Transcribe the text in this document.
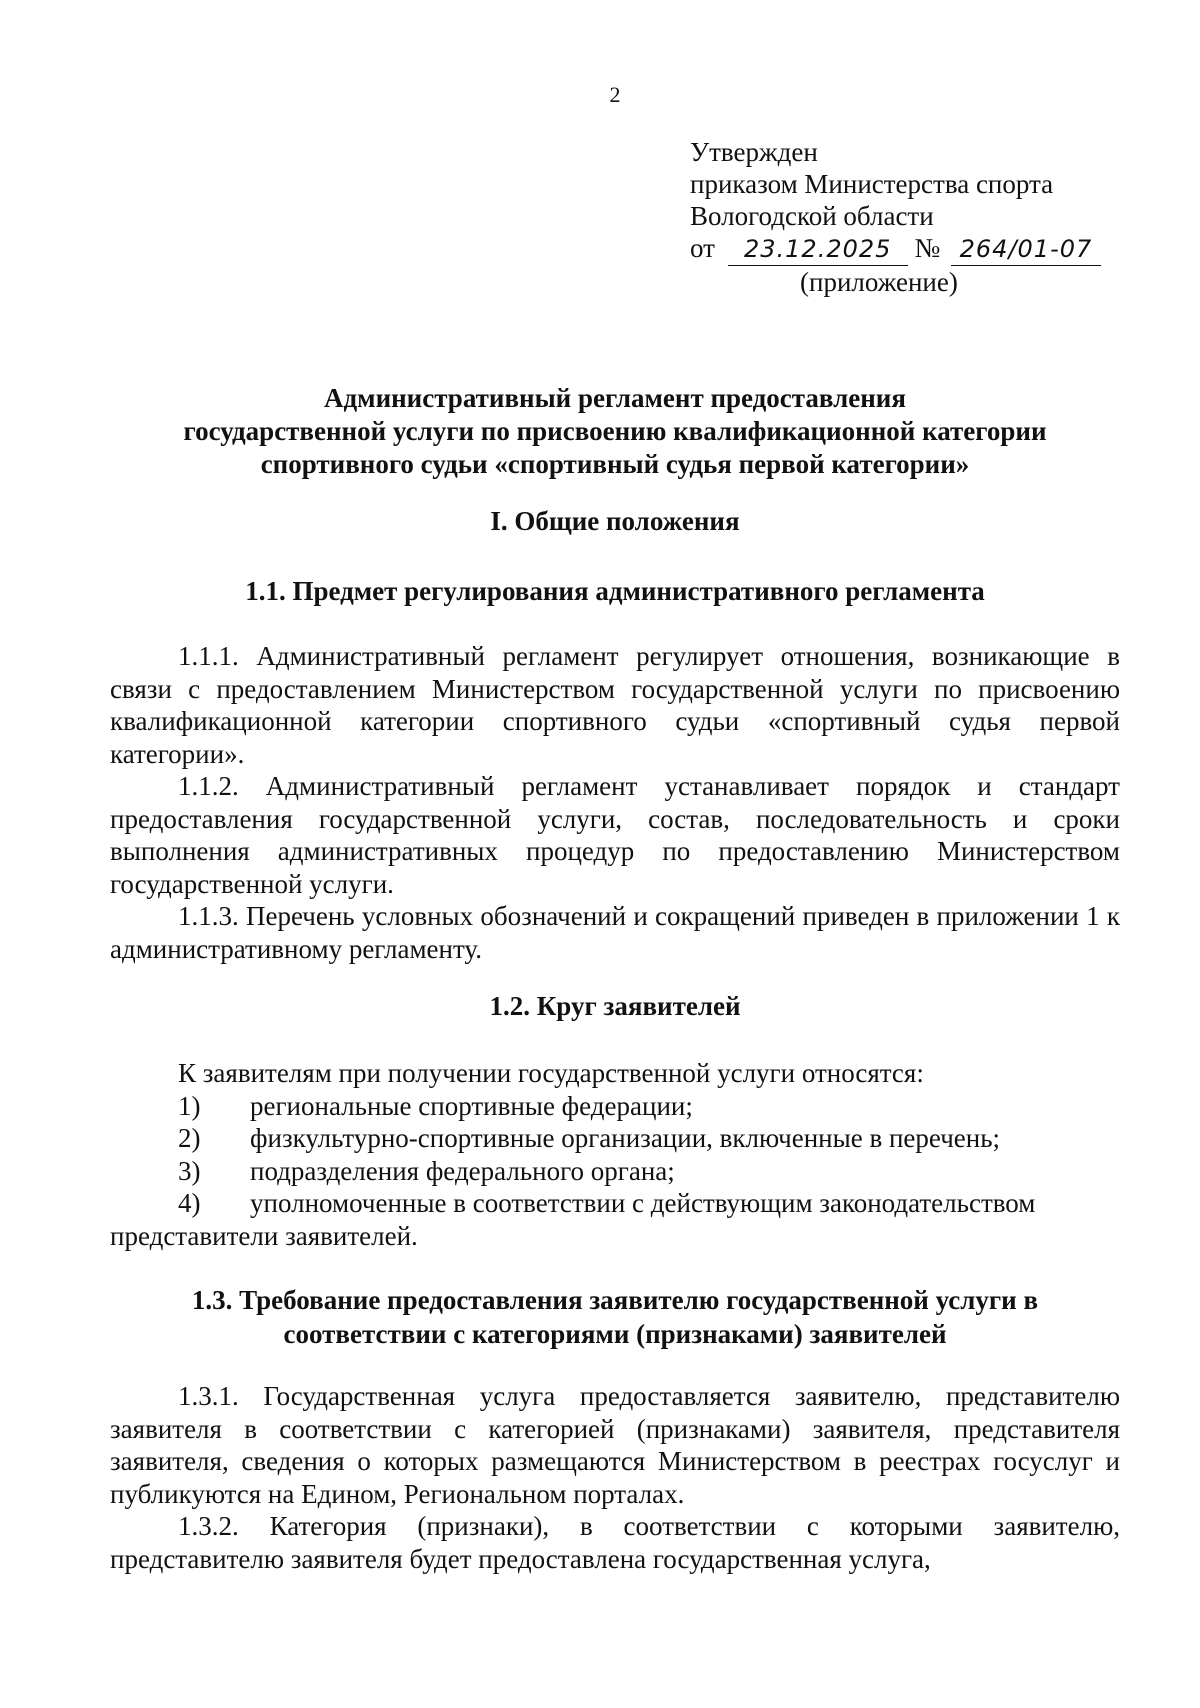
2
Утвержден
приказом Министерства спорта
Вологодской области
от 23.12.2025 № 264/01-07
(приложение)
Административный регламент предоставления
государственной услуги по присвоению квалификационной категории
спортивного судьи «спортивный судья первой категории»
I. Общие положения
1.1. Предмет регулирования административного регламента
1.1.1. Административный регламент регулирует отношения, возникающие в связи с предоставлением Министерством государственной услуги по присвоению квалификационной категории спортивного судьи «спортивный судья первой категории».
1.1.2. Административный регламент устанавливает порядок и стандарт предоставления государственной услуги, состав, последовательность и сроки выполнения административных процедур по предоставлению Министерством государственной услуги.
1.1.3. Перечень условных обозначений и сокращений приведен в приложении 1 к административному регламенту.
1.2. Круг заявителей
К заявителям при получении государственной услуги относятся:
1)	региональные спортивные федерации;
2)	физкультурно-спортивные организации, включенные в перечень;
3)	подразделения федерального органа;
4)	уполномоченные в соответствии с действующим законодательством
представители заявителей.
1.3. Требование предоставления заявителю государственной услуги в
соответствии с категориями (признаками) заявителей
1.3.1. Государственная услуга предоставляется заявителю, представителю заявителя в соответствии с категорией (признаками) заявителя, представителя заявителя, сведения о которых размещаются Министерством в реестрах госуслуг и публикуются на Едином, Региональном порталах.
1.3.2. Категория (признаки), в соответствии с которыми заявителю, представителю заявителя будет предоставлена государственная услуга,
